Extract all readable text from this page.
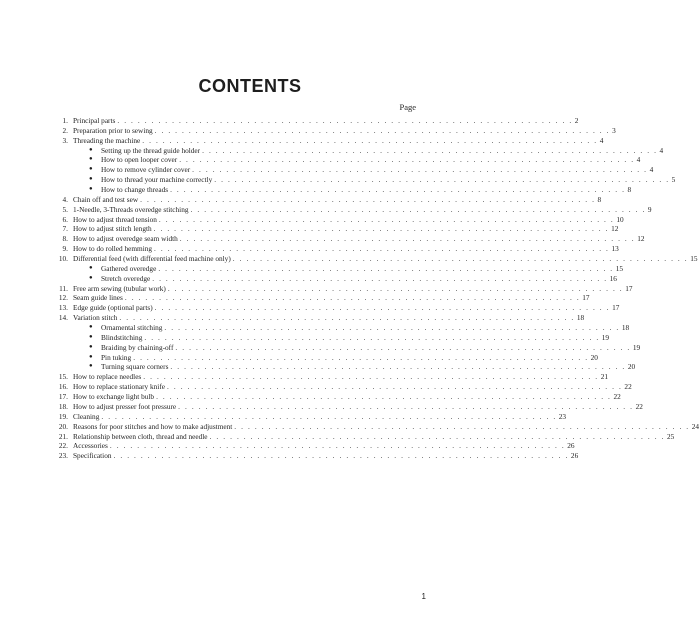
CONTENTS
Page
1. Principal parts . . . . . . . . . . . . . . . . . . . . . . . . . . . . . . . . . . . . . . . . . . . . . . . . . . . . . . . . . . . . . . . . . . . 2
2. Preparation prior to sewing . . . . . . . . . . . . . . . . . . . . . . . . . . . . . . . . . . . . . . . . . . . . . . . . . . . . . . . . . . . . . . . . . . . 3
3. Threading the machine . . . . . . . . . . . . . . . . . . . . . . . . . . . . . . . . . . . . . . . . . . . . . . . . . . . . . . . . . . . . . . . . . . . 4
● Setting up the thread guide holder . . . . . . . . . . . . . . . . . . . . . . . . . . . . . . . . . . . . . . . . . . . . . . . . . . . . . . . . . . . . . . . . . . . 4
● How to open looper cover . . . . . . . . . . . . . . . . . . . . . . . . . . . . . . . . . . . . . . . . . . . . . . . . . . . . . . . . . . . . . . . . . . . 4
● How to remove cylinder cover . . . . . . . . . . . . . . . . . . . . . . . . . . . . . . . . . . . . . . . . . . . . . . . . . . . . . . . . . . . . . . . . . . . 4
● How to thread your machine correctly . . . . . . . . . . . . . . . . . . . . . . . . . . . . . . . . . . . . . . . . . . . . . . . . . . . . . . . . . . . . . . . . . . . 5
● How to change threads . . . . . . . . . . . . . . . . . . . . . . . . . . . . . . . . . . . . . . . . . . . . . . . . . . . . . . . . . . . . . . . . . . . 8
4. Chain off and test sew . . . . . . . . . . . . . . . . . . . . . . . . . . . . . . . . . . . . . . . . . . . . . . . . . . . . . . . . . . . . . . . . . . . 8
5. 1-Needle, 3-Threads overedge stitching . . . . . . . . . . . . . . . . . . . . . . . . . . . . . . . . . . . . . . . . . . . . . . . . . . . . . . . . . . . . . . . . . . . 9
6. How to adjust thread tension . . . . . . . . . . . . . . . . . . . . . . . . . . . . . . . . . . . . . . . . . . . . . . . . . . . . . . . . . . . . . . . . . . . 10
7. How to adjust stitch length . . . . . . . . . . . . . . . . . . . . . . . . . . . . . . . . . . . . . . . . . . . . . . . . . . . . . . . . . . . . . . . . . . . 12
8. How to adjust overedge seam width . . . . . . . . . . . . . . . . . . . . . . . . . . . . . . . . . . . . . . . . . . . . . . . . . . . . . . . . . . . . . . . . . . . 12
9. How to do rolled hemming . . . . . . . . . . . . . . . . . . . . . . . . . . . . . . . . . . . . . . . . . . . . . . . . . . . . . . . . . . . . . . . . . . . 13
10. Differential feed (with differential feed machine only) . . . . . . . . . . . . . . . . . . . . . . . . . . . . . . . . . . . . . . . . . . . . . . . . . . . . . . . . . . . . . . . . . . . 15
● Gathered overedge . . . . . . . . . . . . . . . . . . . . . . . . . . . . . . . . . . . . . . . . . . . . . . . . . . . . . . . . . . . . . . . . . . . 15
● Stretch overedge . . . . . . . . . . . . . . . . . . . . . . . . . . . . . . . . . . . . . . . . . . . . . . . . . . . . . . . . . . . . . . . . . . . 16
11. Free arm sewing (tubular work) . . . . . . . . . . . . . . . . . . . . . . . . . . . . . . . . . . . . . . . . . . . . . . . . . . . . . . . . . . . . . . . . . . . 17
12. Seam guide lines . . . . . . . . . . . . . . . . . . . . . . . . . . . . . . . . . . . . . . . . . . . . . . . . . . . . . . . . . . . . . . . . . . . 17
13. Edge guide (optional parts) . . . . . . . . . . . . . . . . . . . . . . . . . . . . . . . . . . . . . . . . . . . . . . . . . . . . . . . . . . . . . . . . . . . 17
14. Variation stitch . . . . . . . . . . . . . . . . . . . . . . . . . . . . . . . . . . . . . . . . . . . . . . . . . . . . . . . . . . . . . . . . . . . 18
● Ornamental stitching . . . . . . . . . . . . . . . . . . . . . . . . . . . . . . . . . . . . . . . . . . . . . . . . . . . . . . . . . . . . . . . . . . . 18
● Blindstitching . . . . . . . . . . . . . . . . . . . . . . . . . . . . . . . . . . . . . . . . . . . . . . . . . . . . . . . . . . . . . . . . . . . 19
● Braiding by chaining-off . . . . . . . . . . . . . . . . . . . . . . . . . . . . . . . . . . . . . . . . . . . . . . . . . . . . . . . . . . . . . . . . . . . 19
● Pin tuking . . . . . . . . . . . . . . . . . . . . . . . . . . . . . . . . . . . . . . . . . . . . . . . . . . . . . . . . . . . . . . . . . . . 20
● Turning square corners . . . . . . . . . . . . . . . . . . . . . . . . . . . . . . . . . . . . . . . . . . . . . . . . . . . . . . . . . . . . . . . . . . . 20
15. How to replace needles . . . . . . . . . . . . . . . . . . . . . . . . . . . . . . . . . . . . . . . . . . . . . . . . . . . . . . . . . . . . . . . . . . . 21
16. How to replace stationary knife . . . . . . . . . . . . . . . . . . . . . . . . . . . . . . . . . . . . . . . . . . . . . . . . . . . . . . . . . . . . . . . . . . . 22
17. How to exchange light bulb . . . . . . . . . . . . . . . . . . . . . . . . . . . . . . . . . . . . . . . . . . . . . . . . . . . . . . . . . . . . . . . . . . . 22
18. How to adjust presser foot pressure . . . . . . . . . . . . . . . . . . . . . . . . . . . . . . . . . . . . . . . . . . . . . . . . . . . . . . . . . . . . . . . . . . . 22
19. Cleaning . . . . . . . . . . . . . . . . . . . . . . . . . . . . . . . . . . . . . . . . . . . . . . . . . . . . . . . . . . . . . . . . . . . 23
20. Reasons for poor stitches and how to make adjustment . . . . . . . . . . . . . . . . . . . . . . . . . . . . . . . . . . . . . . . . . . . . . . . . . . . . . . . . . . . . . . . . . . . 24
21. Relationship between cloth, thread and needle . . . . . . . . . . . . . . . . . . . . . . . . . . . . . . . . . . . . . . . . . . . . . . . . . . . . . . . . . . . . . . . . . . . 25
22. Accessories . . . . . . . . . . . . . . . . . . . . . . . . . . . . . . . . . . . . . . . . . . . . . . . . . . . . . . . . . . . . . . . . . . . 26
23. Specification . . . . . . . . . . . . . . . . . . . . . . . . . . . . . . . . . . . . . . . . . . . . . . . . . . . . . . . . . . . . . . . . . . . 26
1
